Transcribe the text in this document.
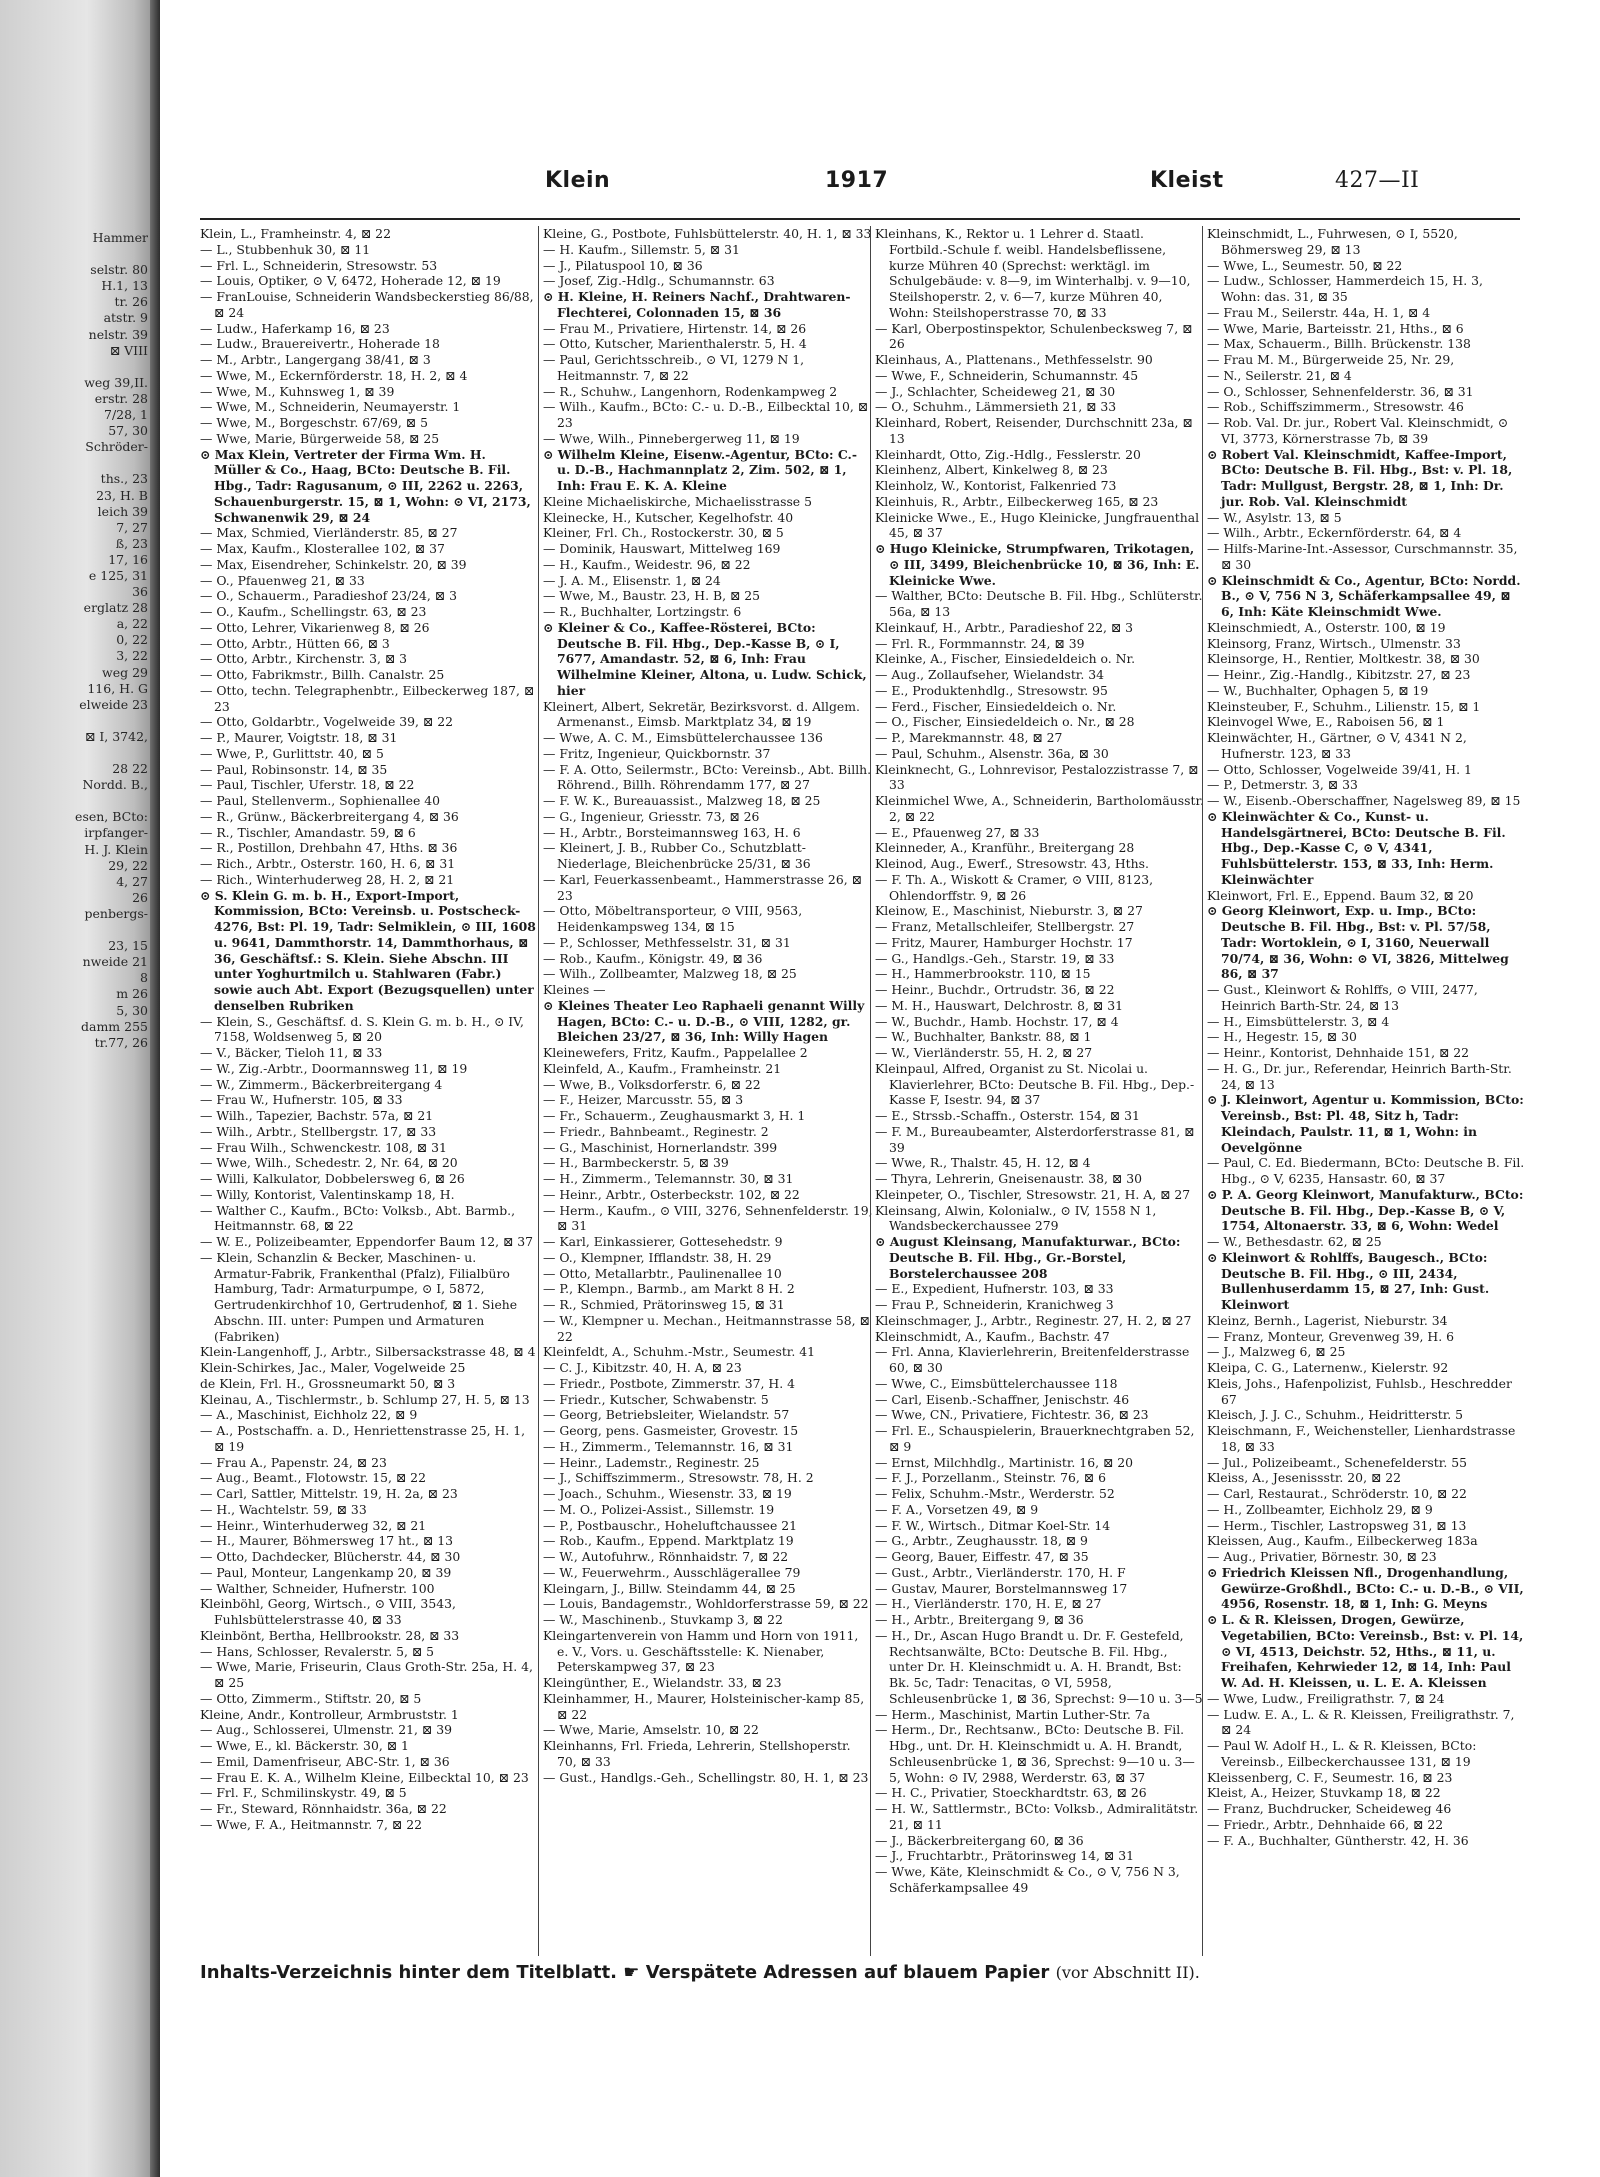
Hammer

selstr. 80
H.1, 13
tr. 26
atstr. 9
nelstr. 39
⊠ VIII

weg 39,II.
erstr. 28
7/28, 1
57, 30
Schröder-

ths., 23
23, H. B
leich 39
7, 27
ß, 23
17, 16
e 125, 31
36
erglatz 28
a, 22
0, 22
3, 22
weg 29
116, H. G
elweide 23

⊠ I, 3742,

28 22
Nordd. B.,

esen, BCto:
irpfanger-
H. J. Klein
29, 22
4, 27
26
penbergs-

23, 15
nweide 21
8
m 26
5, 30
damm 255
tr.77, 26
Klein	1917	Kleist	427—II

Klein, L., Framheinstr. 4, ⊠ 22

— L., Stubbenhuk 30, ⊠ 11

— Frl. L., Schneiderin, Stresowstr. 53

— Louis, Optiker, ⊙ V, 6472, Hoherade 12, ⊠ 19

— FranLouise, Schneiderin Wandsbeckerstieg 86/88, ⊠ 24

— Ludw., Haferkamp 16, ⊠ 23

— Ludw., Brauereivertr., Hoherade 18

— M., Arbtr., Langergang 38/41, ⊠ 3

— Wwe, M., Eckernförderstr. 18, H. 2, ⊠ 4

— Wwe, M., Kuhnsweg 1, ⊠ 39

— Wwe, M., Schneiderin, Neumayerstr. 1

— Wwe, M., Borgeschstr. 67/69, ⊠ 5

— Wwe, Marie, Bürgerweide 58, ⊠ 25

⊙ Max Klein, Vertreter der Firma Wm. H. Müller & Co., Haag, BCto: Deutsche B. Fil. Hbg., Tadr: Ragusanum, ⊙ III, 2262 u. 2263, Schauenburgerstr. 15, ⊠ 1, Wohn: ⊙ VI, 2173, Schwanenwik 29, ⊠ 24

— Max, Schmied, Vierländerstr. 85, ⊠ 27

— Max, Kaufm., Klosterallee 102, ⊠ 37

— Max, Eisendreher, Schinkelstr. 20, ⊠ 39

— O., Pfauenweg 21, ⊠ 33

— O., Schauerm., Paradieshof 23/24, ⊠ 3

— O., Kaufm., Schellingstr. 63, ⊠ 23

— Otto, Lehrer, Vikarienweg 8, ⊠ 26

— Otto, Arbtr., Hütten 66, ⊠ 3

— Otto, Arbtr., Kirchenstr. 3, ⊠ 3

— Otto, Fabrikmstr., Billh. Canalstr. 25

— Otto, techn. Telegraphenbtr., Eilbeckerweg 187, ⊠ 23

— Otto, Goldarbtr., Vogelweide 39, ⊠ 22

— P., Maurer, Voigtstr. 18, ⊠ 31

— Wwe, P., Gurlittstr. 40, ⊠ 5

— Paul, Robinsonstr. 14, ⊠ 35

— Paul, Tischler, Uferstr. 18, ⊠ 22

— Paul, Stellenverm., Sophienallee 40

— R., Grünw., Bäckerbreitergang 4, ⊠ 36

— R., Tischler, Amandastr. 59, ⊠ 6

— R., Postillon, Drehbahn 47, Hths. ⊠ 36

— Rich., Arbtr., Osterstr. 160, H. 6, ⊠ 31

— Rich., Winterhuderweg 28, H. 2, ⊠ 21

⊙ S. Klein G. m. b. H., Export-Import, Kommission, BCto: Vereinsb. u. Postscheck- 4276, Bst: Pl. 19, Tadr: Selmiklein, ⊙ III, 1608 u. 9641, Dammthorstr. 14, Dammthorhaus, ⊠ 36, Geschäftsf.: S. Klein. Siehe Abschn. III unter Yoghurtmilch u. Stahlwaren (Fabr.) sowie auch Abt. Export (Bezugsquellen) unter denselben Rubriken

— Klein, S., Geschäftsf. d. S. Klein G. m. b. H., ⊙ IV, 7158, Woldsenweg 5, ⊠ 20

— V., Bäcker, Tieloh 11, ⊠ 33

— W., Zig.-Arbtr., Doormannsweg 11, ⊠ 19

— W., Zimmerm., Bäckerbreitergang 4

— Frau W., Hufnerstr. 105, ⊠ 33

— Wilh., Tapezier, Bachstr. 57a, ⊠ 21

— Wilh., Arbtr., Stellbergstr. 17, ⊠ 33

— Frau Wilh., Schwenckestr. 108, ⊠ 31

— Wwe, Wilh., Schedestr. 2, Nr. 64, ⊠ 20

— Willi, Kalkulator, Dobbelersweg 6, ⊠ 26

— Willy, Kontorist, Valentinskamp 18, H.

— Walther C., Kaufm., BCto: Volksb., Abt. Barmb., Heitmannstr. 68, ⊠ 22

— W. E., Polizeibeamter, Eppendorfer Baum 12, ⊠ 37

— Klein, Schanzlin & Becker, Maschinen- u. Armatur-Fabrik, Frankenthal (Pfalz), Filialbüro Hamburg, Tadr: Armaturpumpe, ⊙ I, 5872, Gertrudenkirchhof 10, Gertrudenhof, ⊠ 1. Siehe Abschn. III. unter: Pumpen und Armaturen (Fabriken)

Klein-Langenhoff, J., Arbtr., Silbersackstrasse 48, ⊠ 4

Klein-Schirkes, Jac., Maler, Vogelweide 25

de Klein, Frl. H., Grossneumarkt 50, ⊠ 3

Kleinau, A., Tischlermstr., b. Schlump 27, H. 5, ⊠ 13

— A., Maschinist, Eichholz 22, ⊠ 9

— A., Postschaffn. a. D., Henriettenstrasse 25, H. 1, ⊠ 19

— Frau A., Papenstr. 24, ⊠ 23

— Aug., Beamt., Flotowstr. 15, ⊠ 22

— Carl, Sattler, Mittelstr. 19, H. 2a, ⊠ 23

— H., Wachtelstr. 59, ⊠ 33

— Heinr., Winterhuderweg 32, ⊠ 21

— H., Maurer, Böhmersweg 17 ht., ⊠ 13

— Otto, Dachdecker, Blücherstr. 44, ⊠ 30

— Paul, Monteur, Langenkamp 20, ⊠ 39

— Walther, Schneider, Hufnerstr. 100

Kleinböhl, Georg, Wirtsch., ⊙ VIII, 3543, Fuhlsbüttelerstrasse 40, ⊠ 33

Kleinbönt, Bertha, Hellbrookstr. 28, ⊠ 33

— Hans, Schlosser, Revalerstr. 5, ⊠ 5

— Wwe, Marie, Friseurin, Claus Groth-Str. 25a, H. 4, ⊠ 25

— Otto, Zimmerm., Stiftstr. 20, ⊠ 5

Kleine, Andr., Kontrolleur, Armbruststr. 1

— Aug., Schlosserei, Ulmenstr. 21, ⊠ 39

— Wwe, E., kl. Bäckerstr. 30, ⊠ 1

— Emil, Damenfriseur, ABC-Str. 1, ⊠ 36

— Frau E. K. A., Wilhelm Kleine, Eilbecktal 10, ⊠ 23

— Frl. F., Schmilinskystr. 49, ⊠ 5

— Fr., Steward, Rönnhaidstr. 36a, ⊠ 22

— Wwe, F. A., Heitmannstr. 7, ⊠ 22

Kleine, G., Postbote, Fuhlsbüttelerstr. 40, H. 1, ⊠ 33

— H. Kaufm., Sillemstr. 5, ⊠ 31

— J., Pilatuspool 10, ⊠ 36

— Josef, Zig.-Hdlg., Schumannstr. 63

⊙ H. Kleine, H. Reiners Nachf., Drahtwaren-Flechterei, Colonnaden 15, ⊠ 36

— Frau M., Privatiere, Hirtenstr. 14, ⊠ 26

— Otto, Kutscher, Marienthalerstr. 5, H. 4

— Paul, Gerichtsschreib., ⊙ VI, 1279 N 1, Heitmannstr. 7, ⊠ 22

— R., Schuhw., Langenhorn, Rodenkampweg 2

— Wilh., Kaufm., BCto: C.- u. D.-B., Eilbecktal 10, ⊠ 23

— Wwe, Wilh., Pinnebergerweg 11, ⊠ 19

⊙ Wilhelm Kleine, Eisenw.-Agentur, BCto: C.- u. D.-B., Hachmannplatz 2, Zim. 502, ⊠ 1, Inh: Frau E. K. A. Kleine

Kleine Michaeliskirche, Michaelisstrasse 5

Kleinecke, H., Kutscher, Kegelhofstr. 40

Kleiner, Frl. Ch., Rostockerstr. 30, ⊠ 5

— Dominik, Hauswart, Mittelweg 169

— H., Kaufm., Weidestr. 96, ⊠ 22

— J. A. M., Elisenstr. 1, ⊠ 24

— Wwe, M., Baustr. 23, H. B, ⊠ 25

— R., Buchhalter, Lortzingstr. 6

⊙ Kleiner & Co., Kaffee-Rösterei, BCto: Deutsche B. Fil. Hbg., Dep.-Kasse B, ⊙ I, 7677, Amandastr. 52, ⊠ 6, Inh: Frau Wilhelmine Kleiner, Altona, u. Ludw. Schick, hier

Kleinert, Albert, Sekretär, Bezirksvorst. d. Allgem. Armenanst., Eimsb. Marktplatz 34, ⊠ 19

— Wwe, A. C. M., Eimsbüttelerchaussee 136

— Fritz, Ingenieur, Quickbornstr. 37

— F. A. Otto, Seilermstr., BCto: Vereinsb., Abt. Billh. Röhrend., Billh. Röhrendamm 177, ⊠ 27

— F. W. K., Bureauassist., Malzweg 18, ⊠ 25

— G., Ingenieur, Griesstr. 73, ⊠ 26

— H., Arbtr., Borsteimannsweg 163, H. 6

— Kleinert, J. B., Rubber Co., Schutzblatt-Niederlage, Bleichenbrücke 25/31, ⊠ 36

— Karl, Feuerkassenbeamt., Hammerstrasse 26, ⊠ 23

— Otto, Möbeltransporteur, ⊙ VIII, 9563, Heidenkampsweg 134, ⊠ 15

— P., Schlosser, Methfesselstr. 31, ⊠ 31

— Rob., Kaufm., Königstr. 49, ⊠ 36

— Wilh., Zollbeamter, Malzweg 18, ⊠ 25

Kleines —

⊙ Kleines Theater Leo Raphaeli genannt Willy Hagen, BCto: C.- u. D.-B., ⊙ VIII, 1282, gr. Bleichen 23/27, ⊠ 36, Inh: Willy Hagen

Kleinewefers, Fritz, Kaufm., Pappelallee 2

Kleinfeld, A., Kaufm., Framheinstr. 21

— Wwe, B., Volksdorferstr. 6, ⊠ 22

— F., Heizer, Marcusstr. 55, ⊠ 3

— Fr., Schauerm., Zeughausmarkt 3, H. 1

— Friedr., Bahnbeamt., Reginestr. 2

— G., Maschinist, Hornerlandstr. 399

— H., Barmbeckerstr. 5, ⊠ 39

— H., Zimmerm., Telemannstr. 30, ⊠ 31

— Heinr., Arbtr., Osterbeckstr. 102, ⊠ 22

— Herm., Kaufm., ⊙ VIII, 3276, Sehnenfelderstr. 19, ⊠ 31

— Karl, Einkassierer, Gottesehedstr. 9

— O., Klempner, Ifflandstr. 38, H. 29

— Otto, Metallarbtr., Paulinenallee 10

— P., Klempn., Barmb., am Markt 8 H. 2

— R., Schmied, Prätorinsweg 15, ⊠ 31

— W., Klempner u. Mechan., Heitmannstrasse 58, ⊠ 22

Kleinfeldt, A., Schuhm.-Mstr., Seumestr. 41

— C. J., Kibitzstr. 40, H. A, ⊠ 23

— Friedr., Postbote, Zimmerstr. 37, H. 4

— Friedr., Kutscher, Schwabenstr. 5

— Georg, Betriebsleiter, Wielandstr. 57

— Georg, pens. Gasmeister, Grovestr. 15

— H., Zimmerm., Telemannstr. 16, ⊠ 31

— Heinr., Lademstr., Reginestr. 25

— J., Schiffszimmerm., Stresowstr. 78, H. 2

— Joach., Schuhm., Wiesenstr. 33, ⊠ 19

— M. O., Polizei-Assist., Sillemstr. 19

— P., Postbauschr., Hoheluftchaussee 21

— Rob., Kaufm., Eppend. Marktplatz 19

— W., Autofuhrw., Rönnhaidstr. 7, ⊠ 22

— W., Feuerwehrm., Ausschlägerallee 79

Kleingarn, J., Billw. Steindamm 44, ⊠ 25

— Louis, Bandagemstr., Wohldorferstrasse 59, ⊠ 22

— W., Maschinenb., Stuvkamp 3, ⊠ 22

Kleingartenverein von Hamm und Horn von 1911, e. V., Vors. u. Geschäftsstelle: K. Nienaber, Peterskampweg 37, ⊠ 23

Kleingünther, E., Wielandstr. 33, ⊠ 23

Kleinhammer, H., Maurer, Holsteinischer-kamp 85, ⊠ 22

— Wwe, Marie, Amselstr. 10, ⊠ 22

Kleinhanns, Frl. Frieda, Lehrerin, Stellshoperstr. 70, ⊠ 33

— Gust., Handlgs.-Geh., Schellingstr. 80, H. 1, ⊠ 23

Kleinhans, K., Rektor u. 1 Lehrer d. Staatl. Fortbild.-Schule f. weibl. Handelsbeflissene, kurze Mühren 40 (Sprechst: werktägl. im Schulgebäude: v. 8—9, im Winterhalbj. v. 9—10, Steilshoperstr. 2, v. 6—7, kurze Mühren 40, Wohn: Steilshoperstrasse 70, ⊠ 33

— Karl, Oberpostinspektor, Schulenbecksweg 7, ⊠ 26

Kleinhaus, A., Plattenans., Methfesselstr. 90

— Wwe, F., Schneiderin, Schumannstr. 45

— J., Schlachter, Scheideweg 21, ⊠ 30

— O., Schuhm., Lämmersieth 21, ⊠ 33

Kleinhard, Robert, Reisender, Durchschnitt 23a, ⊠ 13

Kleinhardt, Otto, Zig.-Hdlg., Fesslerstr. 20

Kleinhenz, Albert, Kinkelweg 8, ⊠ 23

Kleinholz, W., Kontorist, Falkenried 73

Kleinhuis, R., Arbtr., Eilbeckerweg 165, ⊠ 23

Kleinicke Wwe., E., Hugo Kleinicke, Jungfrauenthal 45, ⊠ 37

⊙ Hugo Kleinicke, Strumpfwaren, Trikotagen, ⊙ III, 3499, Bleichenbrücke 10, ⊠ 36, Inh: E. Kleinicke Wwe.

— Walther, BCto: Deutsche B. Fil. Hbg., Schlüterstr. 56a, ⊠ 13

Kleinkauf, H., Arbtr., Paradieshof 22, ⊠ 3

— Frl. R., Formmannstr. 24, ⊠ 39

Kleinke, A., Fischer, Einsiedeldeich o. Nr.

— Aug., Zollaufseher, Wielandstr. 34

— E., Produktenhdlg., Stresowstr. 95

— Ferd., Fischer, Einsiedeldeich o. Nr.

— O., Fischer, Einsiedeldeich o. Nr., ⊠ 28

— P., Marekmannstr. 48, ⊠ 27

— Paul, Schuhm., Alsenstr. 36a, ⊠ 30

Kleinknecht, G., Lohnrevisor, Pestalozzistrasse 7, ⊠ 33

Kleinmichel Wwe, A., Schneiderin, Bartholomäusstr. 2, ⊠ 22

— E., Pfauenweg 27, ⊠ 33

Kleinneder, A., Kranführ., Breitergang 28

Kleinod, Aug., Ewerf., Stresowstr. 43, Hths.

— F. Th. A., Wiskott & Cramer, ⊙ VIII, 8123, Ohlendorffstr. 9, ⊠ 26

Kleinow, E., Maschinist, Nieburstr. 3, ⊠ 27

— Franz, Metallschleifer, Stellbergstr. 27

— Fritz, Maurer, Hamburger Hochstr. 17

— G., Handlgs.-Geh., Starstr. 19, ⊠ 33

— H., Hammerbrookstr. 110, ⊠ 15

— Heinr., Buchdr., Ortrudstr. 36, ⊠ 22

— M. H., Hauswart, Delchrostr. 8, ⊠ 31

— W., Buchdr., Hamb. Hochstr. 17, ⊠ 4

— W., Buchhalter, Bankstr. 88, ⊠ 1

— W., Vierländerstr. 55, H. 2, ⊠ 27

Kleinpaul, Alfred, Organist zu St. Nicolai u. Klavierlehrer, BCto: Deutsche B. Fil. Hbg., Dep.-Kasse F, Isestr. 94, ⊠ 37

— E., Strssb.-Schaffn., Osterstr. 154, ⊠ 31

— F. M., Bureaubeamter, Alsterdorferstrasse 81, ⊠ 39

— Wwe, R., Thalstr. 45, H. 12, ⊠ 4

— Thyra, Lehrerin, Gneisenaustr. 38, ⊠ 30

Kleinpeter, O., Tischler, Stresowstr. 21, H. A, ⊠ 27

Kleinsang, Alwin, Kolonialw., ⊙ IV, 1558 N 1, Wandsbeckerchaussee 279

⊙ August Kleinsang, Manufakturwar., BCto: Deutsche B. Fil. Hbg., Gr.-Borstel, Borstelerchaussee 208

— E., Expedient, Hufnerstr. 103, ⊠ 33

— Frau P., Schneiderin, Kranichweg 3

Kleinschmager, J., Arbtr., Reginestr. 27, H. 2, ⊠ 27

Kleinschmidt, A., Kaufm., Bachstr. 47

— Frl. Anna, Klavierlehrerin, Breitenfelderstrasse 60, ⊠ 30

— Wwe, C., Eimsbüttelerchaussee 118

— Carl, Eisenb.-Schaffner, Jenischstr. 46

— Wwe, CN., Privatiere, Fichtestr. 36, ⊠ 23

— Frl. E., Schauspielerin, Brauerknechtgraben 52, ⊠ 9

— Ernst, Milchhdlg., Martinistr. 16, ⊠ 20

— F. J., Porzellanm., Steinstr. 76, ⊠ 6

— Felix, Schuhm.-Mstr., Werderstr. 52

— F. A., Vorsetzen 49, ⊠ 9

— F. W., Wirtsch., Ditmar Koel-Str. 14

— G., Arbtr., Zeughausstr. 18, ⊠ 9

— Georg, Bauer, Eiffestr. 47, ⊠ 35

— Gust., Arbtr., Vierländerstr. 170, H. F

— Gustav, Maurer, Borstelmannsweg 17

— H., Vierländerstr. 170, H. E, ⊠ 27

— H., Arbtr., Breitergang 9, ⊠ 36

— H., Dr., Ascan Hugo Brandt u. Dr. F. Gestefeld, Rechtsanwälte, BCto: Deutsche B. Fil. Hbg., unter Dr. H. Kleinschmidt u. A. H. Brandt, Bst: Bk. 5c, Tadr: Tenacitas, ⊙ VI, 5958, Schleusenbrücke 1, ⊠ 36, Sprechst: 9—10 u. 3—5

— Herm., Maschinist, Martin Luther-Str. 7a

— Herm., Dr., Rechtsanw., BCto: Deutsche B. Fil. Hbg., unt. Dr. H. Kleinschmidt u. A. H. Brandt, Schleusenbrücke 1, ⊠ 36, Sprechst: 9—10 u. 3—5, Wohn: ⊙ IV, 2988, Werderstr. 63, ⊠ 37

— H. C., Privatier, Stoeckhardtstr. 63, ⊠ 26

— H. W., Sattlermstr., BCto: Volksb., Admiralitätstr. 21, ⊠ 11

— J., Bäckerbreitergang 60, ⊠ 36

— J., Fruchtarbtr., Prätorinsweg 14, ⊠ 31

— Wwe, Käte, Kleinschmidt & Co., ⊙ V, 756 N 3, Schäferkampsallee 49

Kleinschmidt, L., Fuhrwesen, ⊙ I, 5520, Böhmersweg 29, ⊠ 13

— Wwe, L., Seumestr. 50, ⊠ 22

— Ludw., Schlosser, Hammerdeich 15, H. 3, Wohn: das. 31, ⊠ 35

— Frau M., Seilerstr. 44a, H. 1, ⊠ 4

— Wwe, Marie, Barteisstr. 21, Hths., ⊠ 6

— Max, Schauerm., Billh. Brückenstr. 138

— Frau M. M., Bürgerweide 25, Nr. 29,

— N., Seilerstr. 21, ⊠ 4

— O., Schlosser, Sehnenfelderstr. 36, ⊠ 31

— Rob., Schiffszimmerm., Stresowstr. 46

— Rob. Val. Dr. jur., Robert Val. Kleinschmidt, ⊙ VI, 3773, Körnerstrasse 7b, ⊠ 39

⊙ Robert Val. Kleinschmidt, Kaffee-Import, BCto: Deutsche B. Fil. Hbg., Bst: v. Pl. 18, Tadr: Mullgust, Bergstr. 28, ⊠ 1, Inh: Dr. jur. Rob. Val. Kleinschmidt

— W., Asylstr. 13, ⊠ 5

— Wilh., Arbtr., Eckernförderstr. 64, ⊠ 4

— Hilfs-Marine-Int.-Assessor, Curschmannstr. 35, ⊠ 30

⊙ Kleinschmidt & Co., Agentur, BCto: Nordd. B., ⊙ V, 756 N 3, Schäferkampsallee 49, ⊠ 6, Inh: Käte Kleinschmidt Wwe.

Kleinschmiedt, A., Osterstr. 100, ⊠ 19

Kleinsorg, Franz, Wirtsch., Ulmenstr. 33

Kleinsorge, H., Rentier, Moltkestr. 38, ⊠ 30

— Heinr., Zig.-Handlg., Kibitzstr. 27, ⊠ 23

— W., Buchhalter, Ophagen 5, ⊠ 19

Kleinsteuber, F., Schuhm., Lilienstr. 15, ⊠ 1

Kleinvogel Wwe, E., Raboisen 56, ⊠ 1

Kleinwächter, H., Gärtner, ⊙ V, 4341 N 2, Hufnerstr. 123, ⊠ 33

— Otto, Schlosser, Vogelweide 39/41, H. 1

— P., Detmerstr. 3, ⊠ 33

— W., Eisenb.-Oberschaffner, Nagelsweg 89, ⊠ 15

⊙ Kleinwächter & Co., Kunst- u. Handelsgärtnerei, BCto: Deutsche B. Fil. Hbg., Dep.-Kasse C, ⊙ V, 4341, Fuhlsbüttelerstr. 153, ⊠ 33, Inh: Herm. Kleinwächter

Kleinwort, Frl. E., Eppend. Baum 32, ⊠ 20

⊙ Georg Kleinwort, Exp. u. Imp., BCto: Deutsche B. Fil. Hbg., Bst: v. Pl. 57/58, Tadr: Wortoklein, ⊙ I, 3160, Neuerwall 70/74, ⊠ 36, Wohn: ⊙ VI, 3826, Mittelweg 86, ⊠ 37

— Gust., Kleinwort & Rohlffs, ⊙ VIII, 2477, Heinrich Barth-Str. 24, ⊠ 13

— H., Eimsbüttelerstr. 3, ⊠ 4

— H., Hegestr. 15, ⊠ 30

— Heinr., Kontorist, Dehnhaide 151, ⊠ 22

— H. G., Dr. jur., Referendar, Heinrich Barth-Str. 24, ⊠ 13

⊙ J. Kleinwort, Agentur u. Kommission, BCto: Vereinsb., Bst: Pl. 48, Sitz h, Tadr: Kleindach, Paulstr. 11, ⊠ 1, Wohn: in Oevelgönne

— Paul, C. Ed. Biedermann, BCto: Deutsche B. Fil. Hbg., ⊙ V, 6235, Hansastr. 60, ⊠ 37

⊙ P. A. Georg Kleinwort, Manufakturw., BCto: Deutsche B. Fil. Hbg., Dep.-Kasse B, ⊙ V, 1754, Altonaerstr. 33, ⊠ 6, Wohn: Wedel

— W., Bethesdastr. 62, ⊠ 25

⊙ Kleinwort & Rohlffs, Baugesch., BCto: Deutsche B. Fil. Hbg., ⊙ III, 2434, Bullenhuserdamm 15, ⊠ 27, Inh: Gust. Kleinwort

Kleinz, Bernh., Lagerist, Nieburstr. 34

— Franz, Monteur, Grevenweg 39, H. 6

— J., Malzweg 6, ⊠ 25

Kleipa, C. G., Laternenw., Kielerstr. 92

Kleis, Johs., Hafenpolizist, Fuhlsb., Heschredder 67

Kleisch, J. J. C., Schuhm., Heidritterstr. 5

Kleischmann, F., Weichensteller, Lienhardstrasse 18, ⊠ 33

— Jul., Polizeibeamt., Schenefelderstr. 55

Kleiss, A., Jesenissstr. 20, ⊠ 22

— Carl, Restaurat., Schröderstr. 10, ⊠ 22

— H., Zollbeamter, Eichholz 29, ⊠ 9

— Herm., Tischler, Lastropsweg 31, ⊠ 13

Kleissen, Aug., Kaufm., Eilbeckerweg 183a

— Aug., Privatier, Börnestr. 30, ⊠ 23

⊙ Friedrich Kleissen Nfl., Drogenhandlung, Gewürze-Großhdl., BCto: C.- u. D.-B., ⊙ VII, 4956, Rosenstr. 18, ⊠ 1, Inh: G. Meyns

⊙ L. & R. Kleissen, Drogen, Gewürze, Vegetabilien, BCto: Vereinsb., Bst: v. Pl. 14, ⊙ VI, 4513, Deichstr. 52, Hths., ⊠ 11, u. Freihafen, Kehrwieder 12, ⊠ 14, Inh: Paul W. Ad. H. Kleissen, u. L. E. A. Kleissen

— Wwe, Ludw., Freiligrathstr. 7, ⊠ 24

— Ludw. E. A., L. & R. Kleissen, Freiligrathstr. 7, ⊠ 24

— Paul W. Adolf H., L. & R. Kleissen, BCto: Vereinsb., Eilbeckerchaussee 131, ⊠ 19

Kleissenberg, C. F., Seumestr. 16, ⊠ 23

Kleist, A., Heizer, Stuvkamp 18, ⊠ 22

— Franz, Buchdrucker, Scheideweg 46

— Friedr., Arbtr., Dehnhaide 66, ⊠ 22

— F. A., Buchhalter, Güntherstr. 42, H. 36

Inhalts-Verzeichnis hinter dem Titelblatt. ☛ Verspätete Adressen auf blauem Papier (vor Abschnitt II).
